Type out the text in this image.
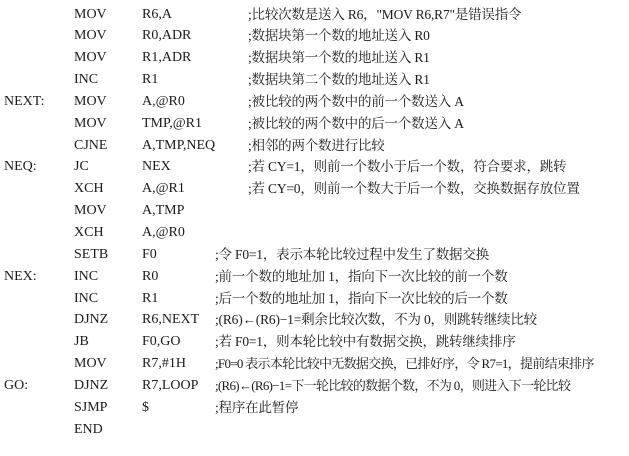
MOV	R6,A	;比较次数是送入 R6，"MOV R6,R7"是错误指令
MOV	R0,ADR	;数据块第一个数的地址送入 R0
MOV	R1,ADR	;数据块第一个数的地址送入 R1
INC	R1	;数据块第二个数的地址送入 R1
NEXT: MOV	A,@R0	;被比较的两个数中的前一个数送入 A
MOV	TMP,@R1	;被比较的两个数中的后一个数送入 A
CJNE A,TMP,NEQ ;相邻的两个数进行比较
NEQ:	JC	NEX	;若 CY=1，则前一个数小于后一个数，符合要求，跳转
XCH	A,@R1	;若 CY=0，则前一个数大于后一个数，交换数据存放位置
MOV	A,TMP
XCH	A,@R0
SETB F0	;令 F0=1，表示本轮比较过程中发生了数据交换
NEX:	INC	R0	;前一个数的地址加 1，指向下一次比较的前一个数
INC	R1	;后一个数的地址加 1，指向下一次比较的后一个数
DJNZ R6,NEXT ;(R6)←(R6)−1=剩余比较次数，不为 0，则跳转继续比较
JB	F0,GO	;若 F0=1，则本轮比较中有数据交换，跳转继续排序
MOV	R7,#1H ;F0=0 表示本轮比较中无数据交换，已排好序，令 R7=1，提前结束排序
GO:	DJNZ R7,LOOP ;(R6)←(R6)−1=下一轮比较的数据个数，不为 0，则进入下一轮比较
SJMP $	;程序在此暂停
END
